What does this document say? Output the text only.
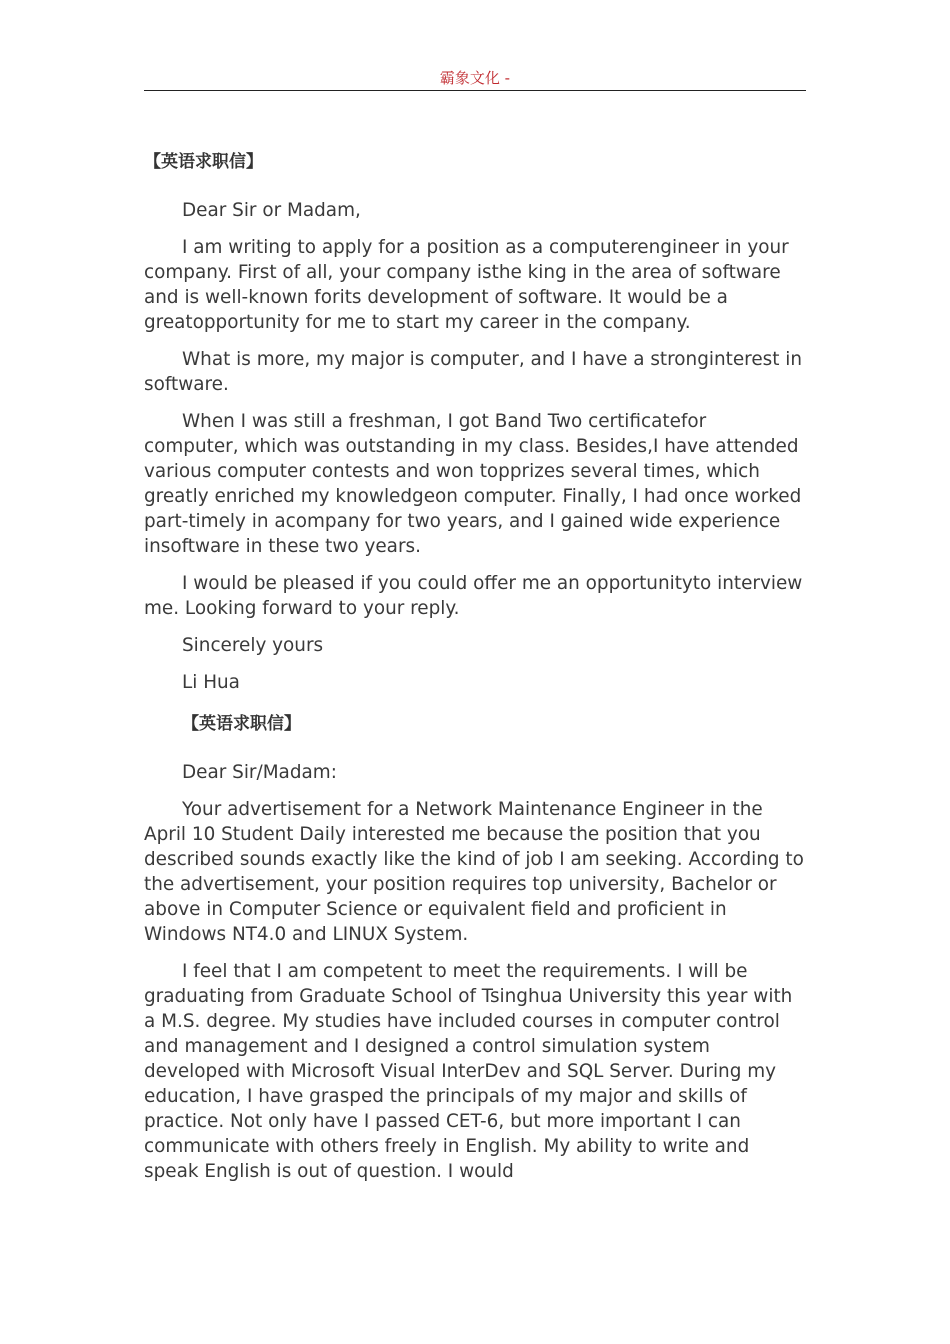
霸象文化 -
【英语求职信】

Dear Sir or Madam,

I am writing to apply for a position as a computerengineer in your company. First of all, your company isthe king in the area of software and is well-known forits development of software. It would be a greatopportunity for me to start my career in the company.

What is more, my major is computer, and I have a stronginterest in software.

When I was still a freshman, I got Band Two certificatefor computer, which was outstanding in my class. Besides,I have attended various computer contests and won topprizes several times, which greatly enriched my knowledgeon computer. Finally, I had once worked part-timely in acompany for two years, and I gained wide experience insoftware in these two years.

I would be pleased if you could offer me an opportunityto interview me. Looking forward to your reply.

Sincerely yours

Li Hua

【英语求职信】

Dear Sir/Madam:

Your advertisement for a Network Maintenance Engineer in the April 10 Student Daily interested me because the position that you described sounds exactly like the kind of job I am seeking. According to the advertisement, your position requires top university, Bachelor or above in Computer Science or equivalent field and proficient in Windows NT4.0 and LINUX System.

I feel that I am competent to meet the requirements. I will be graduating from Graduate School of Tsinghua University this year with a M.S. degree. My studies have included courses in computer control and management and I designed a control simulation system developed with Microsoft Visual InterDev and SQL Server. During my education, I have grasped the principals of my major and skills of practice. Not only have I passed CET-6, but more important I can communicate with others freely in English. My ability to write and speak English is out of question. I would
